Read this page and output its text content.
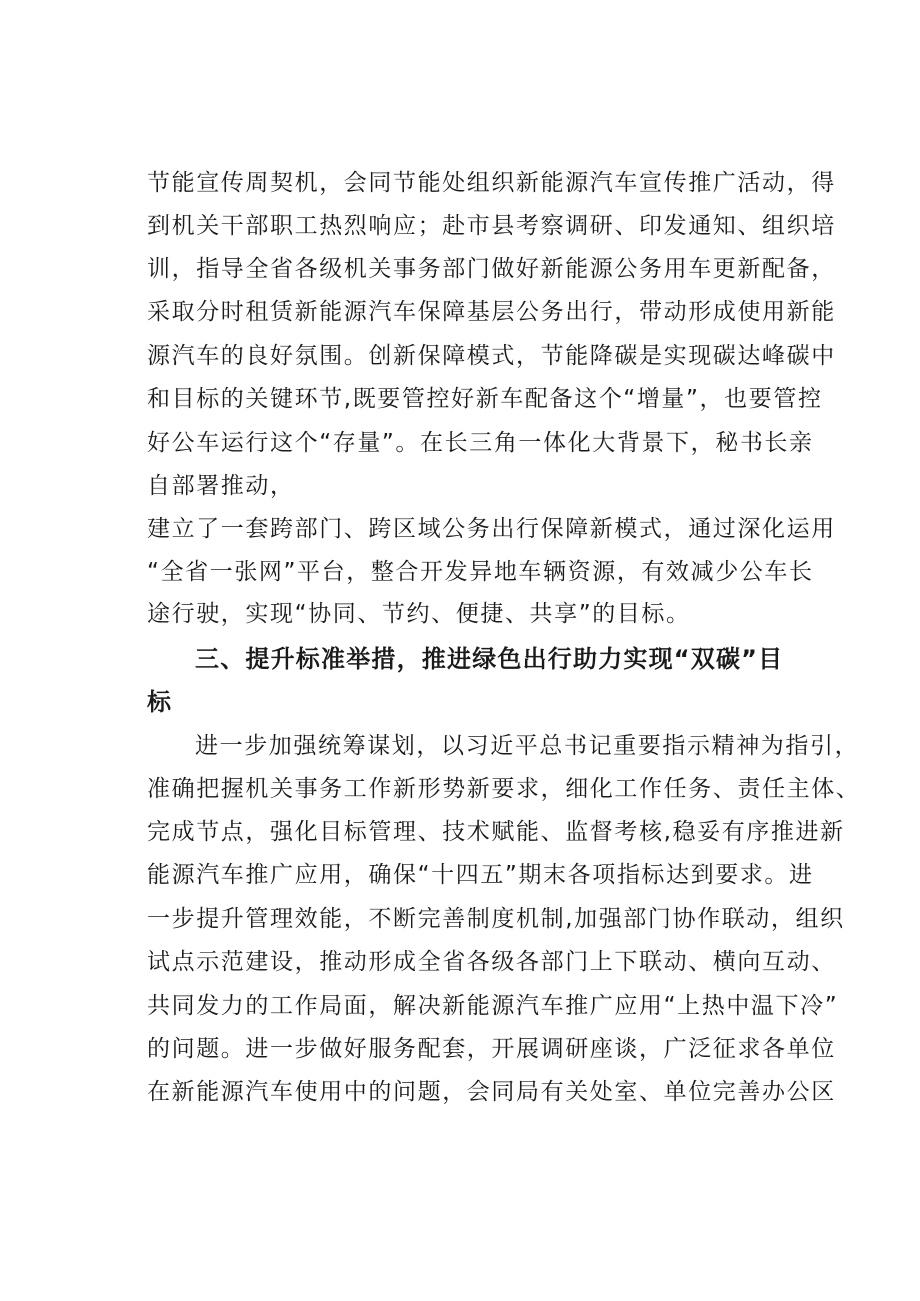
节能宣传周契机，会同节能处组织新能源汽车宣传推广活动，得
到机关干部职工热烈响应；赴市县考察调研、印发通知、组织培
训，指导全省各级机关事务部门做好新能源公务用车更新配备，
采取分时租赁新能源汽车保障基层公务出行，带动形成使用新能
源汽车的良好氛围。创新保障模式，节能降碳是实现碳达峰碳中
和目标的关键环节,既要管控好新车配备这个“增量”，也要管控
好公车运行这个“存量”。在长三角一体化大背景下，秘书长亲
自部署推动，
建立了一套跨部门、跨区域公务出行保障新模式，通过深化运用
“全省一张网”平台，整合开发异地车辆资源，有效减少公车长
途行驶，实现“协同、节约、便捷、共享”的目标。
三、提升标准举措，推进绿色出行助力实现“双碳”目
标
进一步加强统筹谋划，以习近平总书记重要指示精神为指引，
准确把握机关事务工作新形势新要求，细化工作任务、责任主体、
完成节点，强化目标管理、技术赋能、监督考核,稳妥有序推进新
能源汽车推广应用，确保“十四五”期末各项指标达到要求。进
一步提升管理效能，不断完善制度机制,加强部门协作联动，组织
试点示范建设，推动形成全省各级各部门上下联动、横向互动、
共同发力的工作局面，解决新能源汽车推广应用“上热中温下冷”
的问题。进一步做好服务配套，开展调研座谈，广泛征求各单位
在新能源汽车使用中的问题，会同局有关处室、单位完善办公区
